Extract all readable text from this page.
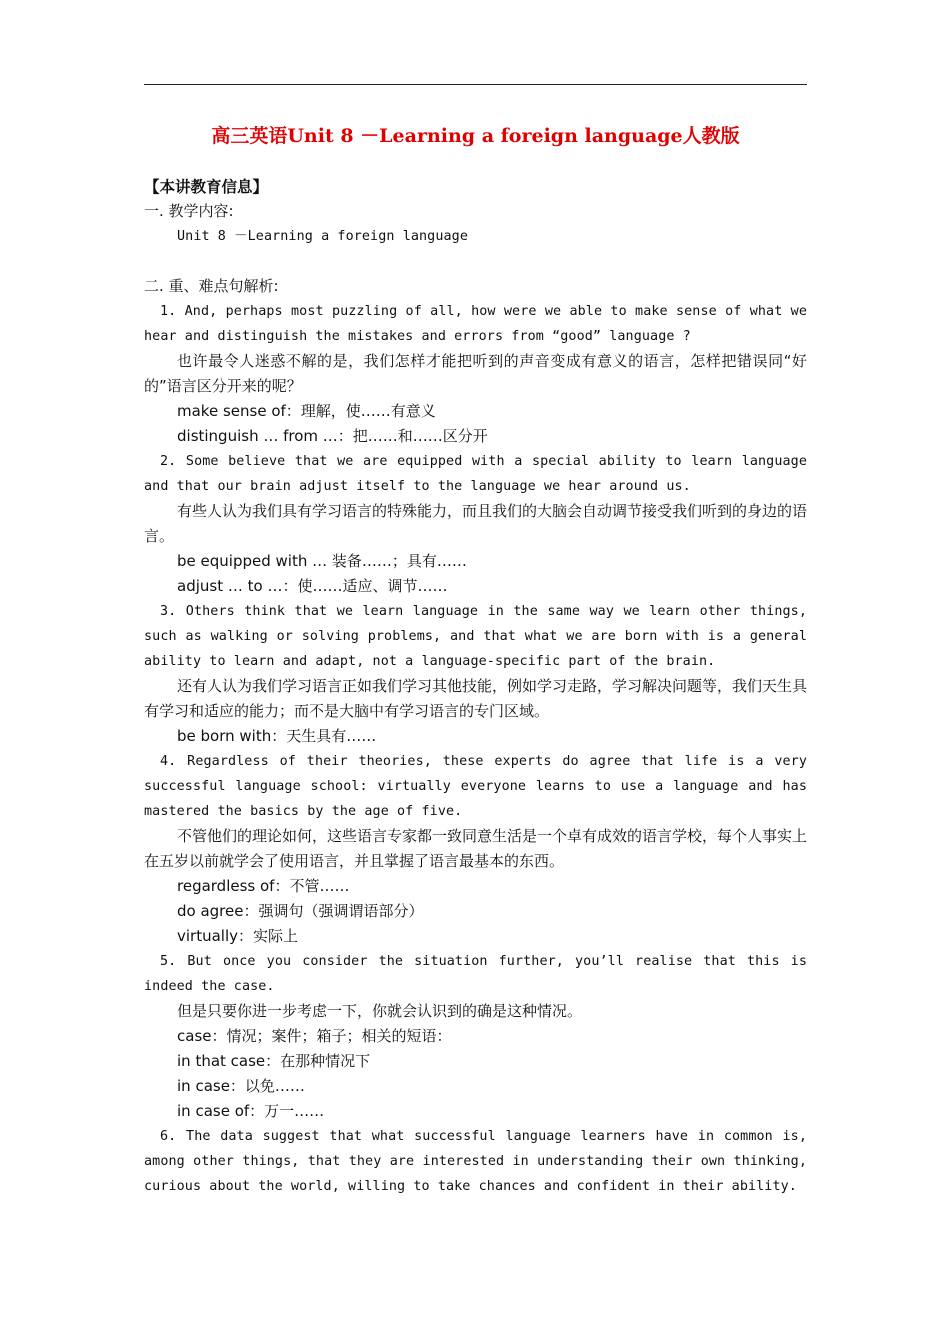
高三英语Unit 8 －Learning a foreign language人教版
【本讲教育信息】

一. 教学内容:

Unit 8 －Learning a foreign language

二. 重、难点句解析:

1. And, perhaps most puzzling of all, how were we able to make sense of what we hear and distinguish the mistakes and errors from “good” language ?

也许最令人迷惑不解的是，我们怎样才能把听到的声音变成有意义的语言，怎样把错误同“好的”语言区分开来的呢？

make sense of：理解，使……有意义

distinguish … from …：把……和……区分开

2. Some believe that we are equipped with a special ability to learn language and that our brain adjust itself to the language we hear around us.

有些人认为我们具有学习语言的特殊能力，而且我们的大脑会自动调节接受我们听到的身边的语言。

be equipped with … 装备……；具有……

adjust … to …：使……适应、调节……

3. Others think that we learn language in the same way we learn other things, such as walking or solving problems, and that what we are born with is a general ability to learn and adapt, not a language-specific part of the brain.

还有人认为我们学习语言正如我们学习其他技能，例如学习走路，学习解决问题等，我们天生具有学习和适应的能力；而不是大脑中有学习语言的专门区域。

be born with：天生具有……

4. Regardless of their theories, these experts do agree that life is a very successful language school: virtually everyone learns to use a language and has mastered the basics by the age of five.

不管他们的理论如何，这些语言专家都一致同意生活是一个卓有成效的语言学校，每个人事实上在五岁以前就学会了使用语言，并且掌握了语言最基本的东西。

regardless of：不管……

do agree：强调句（强调谓语部分）

virtually：实际上

5. But once you consider the situation further, you’ll realise that this is indeed the case.

但是只要你进一步考虑一下，你就会认识到的确是这种情况。

case：情况；案件；箱子；相关的短语：

in that case：在那种情况下

in case：以免……

in case of：万一……

6. The data suggest that what successful language learners have in common is, among other things, that they are interested in understanding their own thinking, curious about the world, willing to take chances and confident in their ability.
